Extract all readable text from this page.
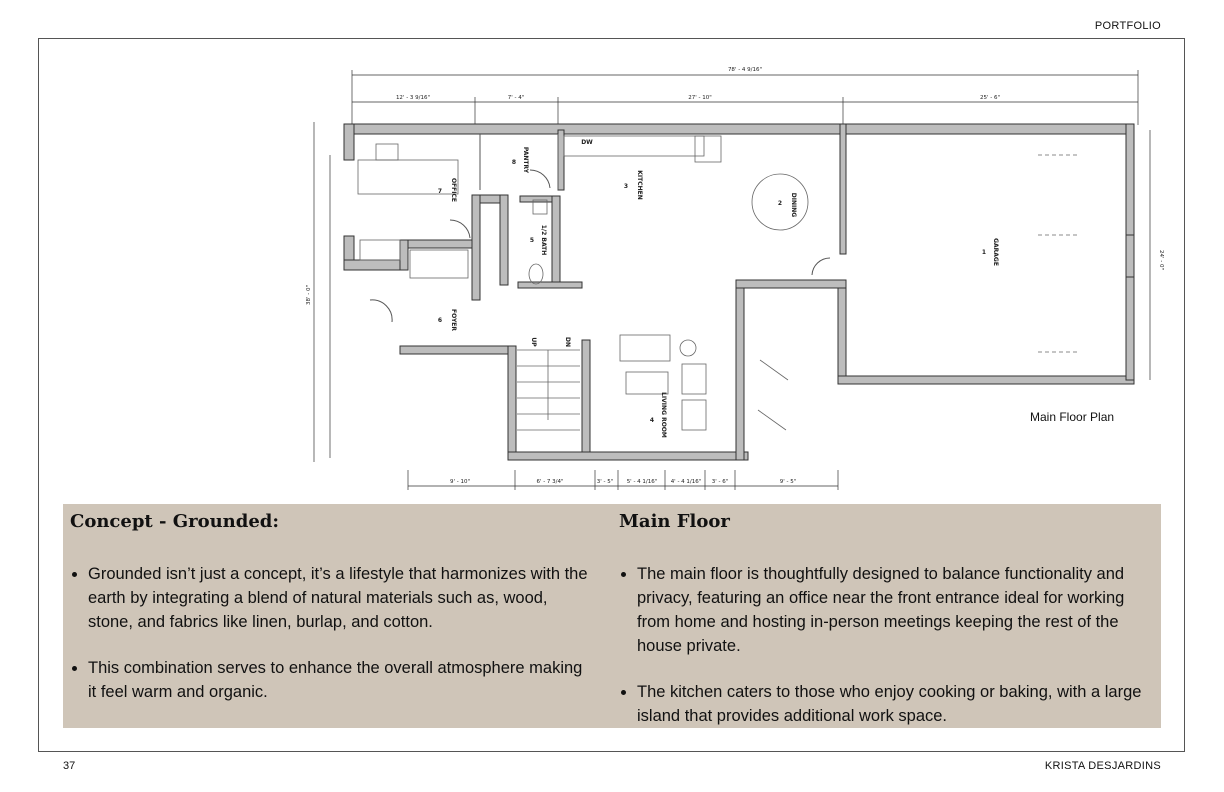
PORTFOLIO
78' - 4 9/16"
12' - 3 9/16"	7' - 4"	27' - 10"	25' - 6"
9' - 10"	6' - 7 3/4"	3' - 5" 5' - 4 1/16" 4' - 4 1/16" 3' - 6"	9' - 5"
24' - 0"
38' - 0"
OFFICE
7
PANTRY
8
KITCHEN
3
DINING
2
1/2 BATH
5
FOYER
6
LIVING ROOM
4
GARAGE
1
DW
UP	DN
Main Floor Plan
Concept - Grounded:
• Grounded isn’t just a concept, it’s a lifestyle that harmonizes with the earth by integrating a blend of natural materials such as, wood, stone, and fabrics like linen, burlap, and cotton.
• This combination serves to enhance the overall atmosphere making it feel warm and organic.
Main Floor
• The main floor is thoughtfully designed to balance functionality and privacy, featuring an office near the front entrance ideal for working from home and hosting in-person meetings keeping the rest of the house private.
• The kitchen caters to those who enjoy cooking or baking, with a large island that provides additional work space.
37	KRISTA DESJARDINS
